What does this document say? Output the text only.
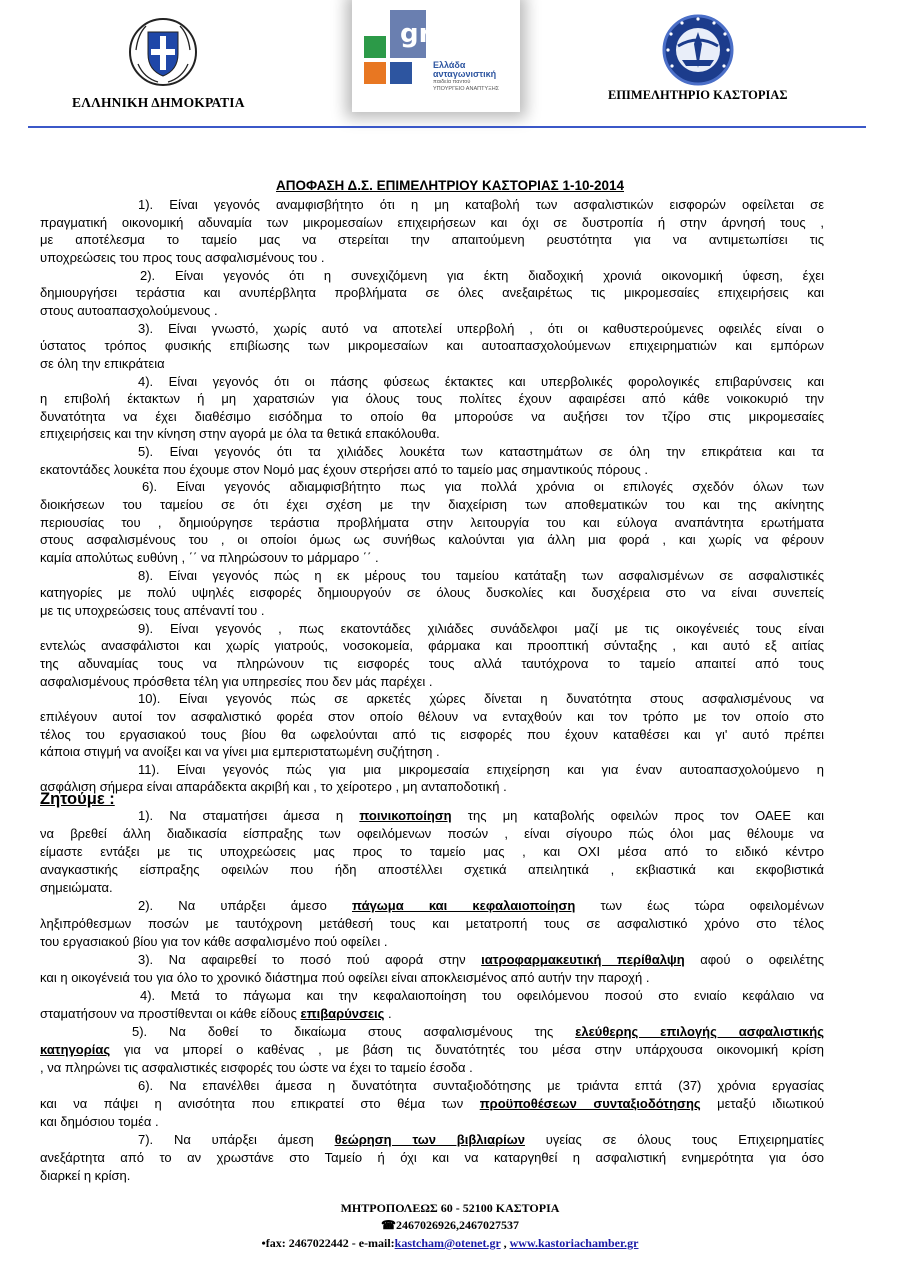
ΕΛΛΗΝΙΚΗ ΔΗΜΟΚΡΑΤΙΑ
gr
Ελλάδα
ανταγωνιστική
παιδεία παντού
ΥΠΟΥΡΓΕΙΟ ΑΝΑΠΤΥΞΗΣ	ΕΠΙΜΕΛΗΤΗΡΙΟ ΚΑΣΤΟΡΙΑΣ
ΑΠΟΦΑΣΗ Δ.Σ. ΕΠΙΜΕΛΗΤΡΙΟΥ ΚΑΣΤΟΡΙΑΣ 1-10-2014
1). Είναι γεγονός αναμφισβήτητο ότι η μη καταβολή των ασφαλιστικών εισφορών οφείλεται σε
πραγματική οικονομική αδυναμία των μικρομεσαίων επιχειρήσεων και όχι σε δυστροπία ή στην άρνησή τους ,
με αποτέλεσμα το ταμείο μας να στερείται την απαιτούμενη ρευστότητα για να αντιμετωπίσει τις
υποχρεώσεις του προς τους ασφαλισμένους του .
2). Είναι γεγονός ότι η συνεχιζόμενη για έκτη διαδοχική χρονιά οικονομική ύφεση, έχει
δημιουργήσει τεράστια και ανυπέρβλητα προβλήματα σε όλες ανεξαιρέτως τις μικρομεσαίες επιχειρήσεις και
στους αυτοαπασχολούμενους .
3). Είναι γνωστό, χωρίς αυτό να αποτελεί υπερβολή , ότι οι καθυστερούμενες οφειλές είναι ο
ύστατος τρόπος φυσικής επιβίωσης των μικρομεσαίων και αυτοαπασχολούμενων επιχειρηματιών και εμπόρων
σε όλη την επικράτεια
4). Είναι γεγονός ότι οι πάσης φύσεως έκτακτες και υπερβολικές φορολογικές επιβαρύνσεις και
η επιβολή έκτακτων ή μη χαρατσιών για όλους τους πολίτες έχουν αφαιρέσει από κάθε νοικοκυριό την
δυνατότητα να έχει διαθέσιμο εισόδημα το οποίο θα μπορούσε να αυξήσει τον τζίρο στις μικρομεσαίες
επιχειρήσεις και την κίνηση στην αγορά με όλα τα θετικά επακόλουθα.
5). Είναι γεγονός ότι τα χιλιάδες λουκέτα των καταστημάτων σε όλη την επικράτεια και τα
εκατοντάδες λουκέτα που έχουμε στον Νομό μας έχουν στερήσει από το ταμείο μας σημαντικούς πόρους .
6). Είναι γεγονός αδιαμφισβήτητο πως για πολλά χρόνια οι επιλογές σχεδόν όλων των
διοικήσεων του ταμείου σε ότι έχει σχέση με την διαχείριση των αποθεματικών του και της ακίνητης
περιουσίας του , δημιούργησε τεράστια προβλήματα στην λειτουργία του και εύλογα αναπάντητα ερωτήματα
στους ασφαλισμένους του , οι οποίοι όμως ως συνήθως καλούνται για άλλη μια φορά , και χωρίς να φέρουν
καμία απολύτως ευθύνη , ΄΄ να πληρώσουν το μάρμαρο ΄΄ .
8). Είναι γεγονός πώς η εκ μέρους του ταμείου κατάταξη των ασφαλισμένων σε ασφαλιστικές
κατηγορίες με πολύ υψηλές εισφορές δημιουργούν σε όλους δυσκολίες και δυσχέρεια στο να είναι συνεπείς
με τις υποχρεώσεις τους απέναντί του .
9). Είναι γεγονός , πως εκατοντάδες χιλιάδες συνάδελφοι μαζί με τις οικογένειές τους είναι
εντελώς ανασφάλιστοι και χωρίς γιατρούς, νοσοκομεία, φάρμακα και προοπτική σύνταξης , και αυτό εξ αιτίας
της αδυναμίας τους να πληρώνουν τις εισφορές τους αλλά ταυτόχρονα το ταμείο απαιτεί από τους
ασφαλισμένους πρόσθετα τέλη για υπηρεσίες που δεν μάς παρέχει .
10). Είναι γεγονός πώς σε αρκετές χώρες δίνεται η δυνατότητα στους ασφαλισμένους να
επιλέγουν αυτοί τον ασφαλιστικό φορέα στον οποίο θέλουν να ενταχθούν και τον τρόπο με τον οποίο στο
τέλος του εργασιακού τους βίου θα ωφελούνται από τις εισφορές που έχουν καταθέσει και γι' αυτό πρέπει
κάποια στιγμή να ανοίξει και να γίνει μια εμπεριστατωμένη συζήτηση .
11). Είναι γεγονός πώς για μια μικρομεσαία επιχείρηση και για έναν αυτοαπασχολούμενο η
ασφάλιση σήμερα είναι απαράδεκτα ακριβή και , το χείροτερο , μη ανταποδοτική .
Ζητούμε :
1). Να σταματήσει άμεσα η ποινικοποίηση της μη καταβολής οφειλών προς τον ΟΑΕΕ και
να βρεθεί άλλη διαδικασία είσπραξης των οφειλόμενων ποσών , είναι σίγουρο πώς όλοι μας θέλουμε να
είμαστε εντάξει με τις υποχρεώσεις μας προς το ταμείο μας , και ΟΧΙ μέσα από το ειδικό κέντρο
αναγκαστικής είσπραξης οφειλών που ήδη αποστέλλει σχετικά απειλητικά , εκβιαστικά και εκφοβιστικά
σημειώματα.
2). Να υπάρξει άμεσο πάγωμα και κεφαλαιοποίηση των έως τώρα οφειλομένων
ληξιπρόθεσμων ποσών με ταυτόχρονη μετάθεσή τους και μετατροπή τους σε ασφαλιστικό χρόνο στο τέλος
του εργασιακού βίου για τον κάθε ασφαλισμένο πού οφείλει .
3). Να αφαιρεθεί το ποσό πού αφορά στην ιατροφαρμακευτική περίθαλψη αφού ο οφειλέτης
και η οικογένειά του για όλο το χρονικό διάστημα πού οφείλει είναι αποκλεισμένος από αυτήν την παροχή .
4). Μετά το πάγωμα και την κεφαλαιοποίηση του οφειλόμενου ποσού στο ενιαίο κεφάλαιο να
σταματήσουν να προστίθενται οι κάθε είδους επιβαρύνσεις .
5). Να δοθεί το δικαίωμα στους ασφαλισμένους της ελεύθερης επιλογής ασφαλιστικής
κατηγορίας για να μπορεί ο καθένας , με βάση τις δυνατότητές του μέσα στην υπάρχουσα οικονομική κρίση
, να πληρώνει τις ασφαλιστικές εισφορές του ώστε να έχει το ταμείο έσοδα .
6). Να επανέλθει άμεσα η δυνατότητα συνταξιοδότησης με τριάντα επτά (37) χρόνια εργασίας
και να πάψει η ανισότητα που επικρατεί στο θέμα των προϋποθέσεων συνταξιοδότησης μεταξύ ιδιωτικού
και δημόσιου τομέα .
7). Να υπάρξει άμεση θεώρηση των βιβλιαρίων υγείας σε όλους τους Επιχειρηματίες
ανεξάρτητα από το αν χρωστάνε στο Ταμείο ή όχι και να καταργηθεί η ασφαλιστική ενημερότητα για όσο
διαρκεί η κρίση.
ΜΗΤΡΟΠΟΛΕΩΣ 60 - 52100 ΚΑΣΤΟΡΙΑ
☎2467026926,2467027537
•fax: 2467022442 - e-mail:kastcham@otenet.gr , www.kastoriachamber.gr
